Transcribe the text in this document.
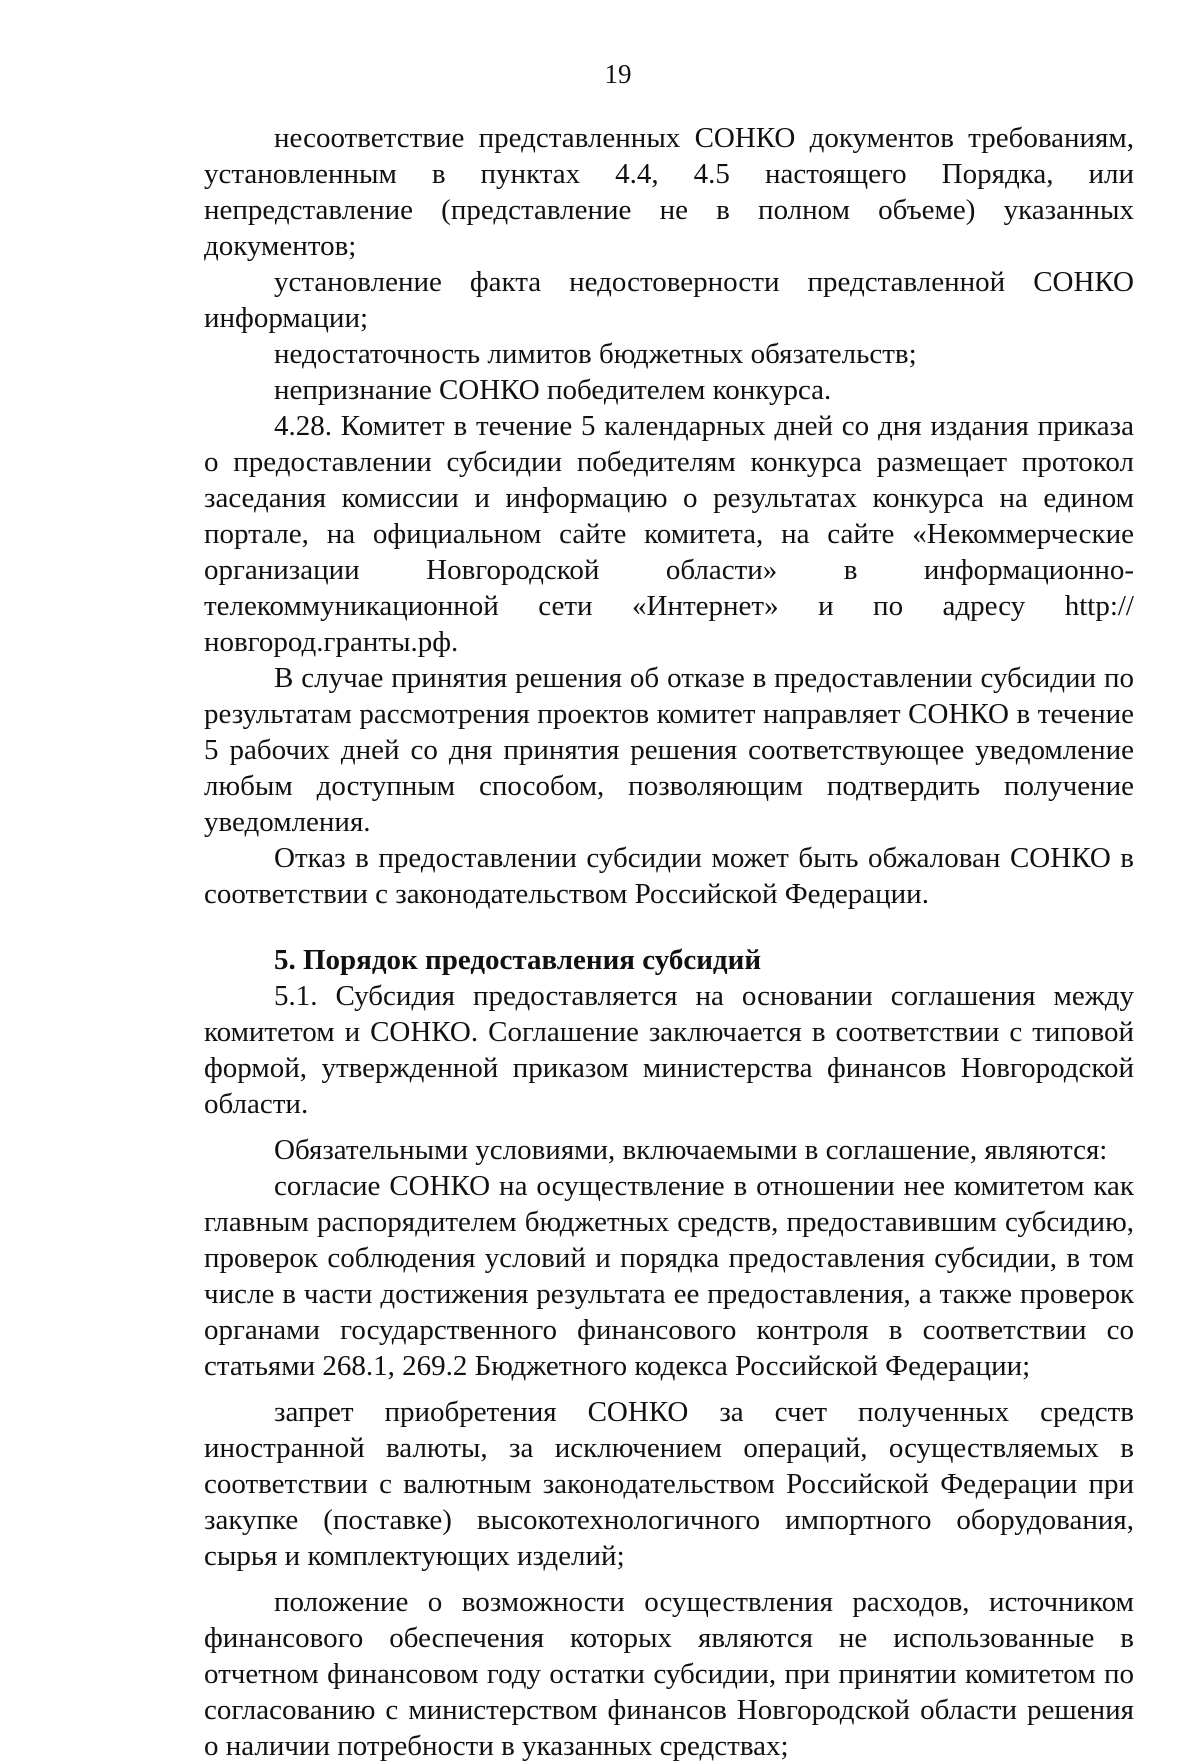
19

несоответствие представленных СОНКО документов требованиям, установленным в пунктах 4.4, 4.5 настоящего Порядка, или непредставление (представление не в полном объеме) указанных документов;

установление факта недостоверности представленной СОНКО информации;

недостаточность лимитов бюджетных обязательств;

непризнание СОНКО победителем конкурса.

4.28. Комитет в течение 5 календарных дней со дня издания приказа о предоставлении субсидии победителям конкурса размещает протокол заседания комиссии и информацию о результатах конкурса на едином портале, на официальном сайте комитета, на сайте «Некоммерческие организации Новгородской области» в информационно-телекоммуникационной сети «Интернет» и по адресу http://новгород.гранты.рф.

В случае принятия решения об отказе в предоставлении субсидии по результатам рассмотрения проектов комитет направляет СОНКО в течение 5 рабочих дней со дня принятия решения соответствующее уведомление любым доступным способом, позволяющим подтвердить получение уведомления.

Отказ в предоставлении субсидии может быть обжалован СОНКО в соответствии с законодательством Российской Федерации.

5. Порядок предоставления субсидий

5.1. Субсидия предоставляется на основании соглашения между комитетом и СОНКО. Соглашение заключается в соответствии с типовой формой, утвержденной приказом министерства финансов Новгородской области.

Обязательными условиями, включаемыми в соглашение, являются:

согласие СОНКО на осуществление в отношении нее комитетом как главным распорядителем бюджетных средств, предоставившим субсидию, проверок соблюдения условий и порядка предоставления субсидии, в том числе в части достижения результата ее предоставления, а также проверок органами государственного финансового контроля в соответствии со статьями 268.1, 269.2 Бюджетного кодекса Российской Федерации;

запрет приобретения СОНКО за счет полученных средств иностранной валюты, за исключением операций, осуществляемых в соответствии с валютным законодательством Российской Федерации при закупке (поставке) высокотехнологичного импортного оборудования, сырья и комплектующих изделий;

положение о возможности осуществления расходов, источником финансового обеспечения которых являются не использованные в отчетном финансовом году остатки субсидии, при принятии комитетом по согласованию с министерством финансов Новгородской области решения о наличии потребности в указанных средствах;
